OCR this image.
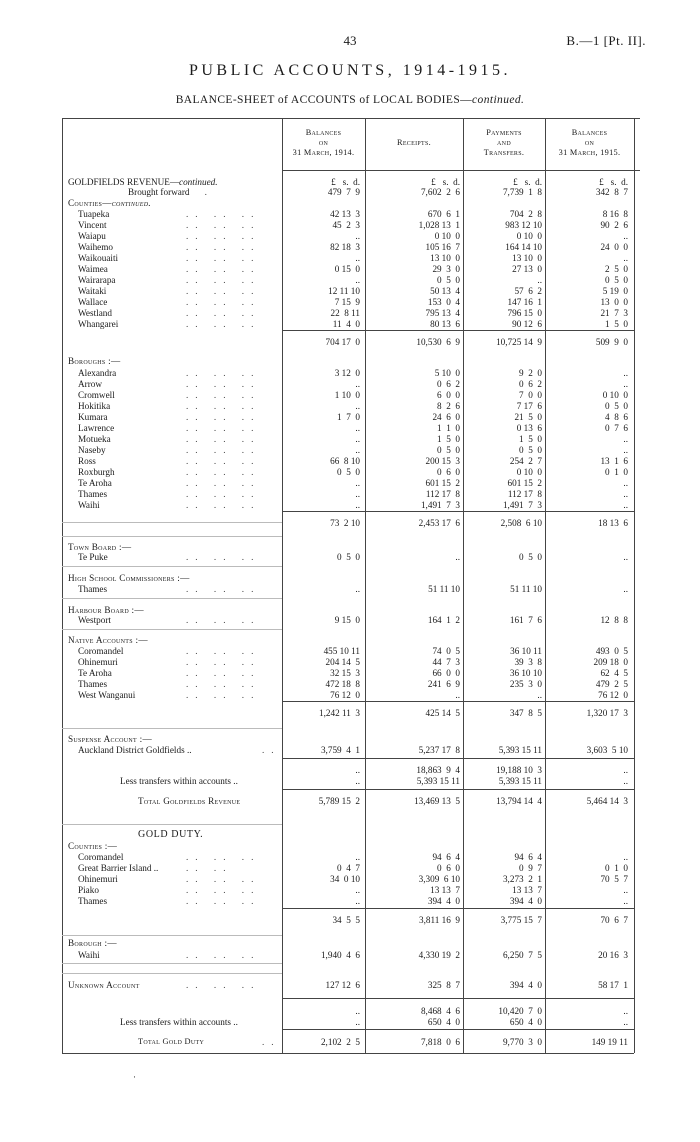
43	B.—1 [Pt. II].
PUBLIC ACCOUNTS, 1914-1915.
BALANCE-SHEET of ACCOUNTS of LOCAL BODIES—continued.
Balances
on
31 March, 1914.
Receipts.
Payments
and
Transfers.
Balances
on
31 March, 1915.
GOLDFIELDS REVENUE—continued.	£   s.  d.	£   s.  d.	£   s.  d.	£   s.  d.
Brought forward
. .	479  7  9	7,602  2  6	7,739  1  8	342  8  7
Counties—continued.
Tuapeka	.. .. ..	42 13  3	670  6  1	704  2  8	8 16  8
Vincent	.. .. ..	45  2  3	1,028 13  1	983 12 10	90  2  6
Waiapu	.. .. ..	..	0 10  0	0 10  0	..
Waihemo	.. .. ..	82 18  3	105 16  7	164 14 10	24  0  0
Waikouaiti	.. .. ..	..	13 10  0	13 10  0	..
Waimea	.. .. ..	0 15  0	29  3  0	27 13  0	2  5  0
Wairarapa	.. .. ..	..	0  5  0	..	0  5  0
Waitaki	.. .. ..	12 11 10	50 13  4	57  6  2	5 19  0
Wallace	.. .. ..	7 15  9	153  0  4	147 16  1	13  0  0
Westland	.. .. ..	22  8 11	795 13  4	796 15  0	21  7  3
Whangarei	.. .. ..	11  4  0	80 13  6	90 12  6	1  5  0
704 17  0	10,530  6  9	10,725 14  9	509  9  0
Boroughs :—
Alexandra	.. .. ..	3 12  0	5 10  0	9  2  0	..
Arrow	.. .. ..	..	0  6  2	0  6  2	..
Cromwell	.. .. ..	1 10  0	6  0  0	7  0  0	0 10  0
Hokitika	.. .. ..	..	8  2  6	7 17  6	0  5  0
Kumara	.. .. ..	1  7  0	24  6  0	21  5  0	4  8  6
Lawrence	.. .. ..	..	1  1  0	0 13  6	0  7  6
Motueka	.. .. ..	..	1  5  0	1  5  0	..
Naseby	.. .. ..	..	0  5  0	0  5  0	..
Ross	.. .. ..	66  8 10	200 15  3	254  2  7	13  1  6
Roxburgh	.. .. ..	0  5  0	0  6  0	0 10  0	0  1  0
Te Aroha	.. .. ..	..	601 15  2	601 15  2	..
Thames	.. .. ..	..	112 17  8	112 17  8	..
Waihi	.. .. ..	..	1,491  7  3	1,491  7  3	..
73  2 10	2,453 17  6	2,508  6 10	18 13  6
Town Board :—
Te Puke	.. .. ..	0  5  0	..	0  5  0	..
High School Commissioners :—
Thames	.. .. ..	..	51 11 10	51 11 10	..
Harbour Board :—
Westport	.. .. ..	9 15  0	164  1  2	161  7  6	12  8  8
Native Accounts :—
Coromandel	.. .. ..	455 10 11	74  0  5	36 10 11	493  0  5
Ohinemuri	.. .. ..	204 14  5	44  7  3	39  3  8	209 18  0
Te Aroha	.. .. ..	32 15  3	66  0  0	36 10 10	62  4  5
Thames	.. .. ..	472 18  8	241  6  9	235  3  0	479  2  5
West Wanganui	.. .. ..	76 12  0	..	..	76 12  0
1,242 11  3	425 14  5	347  8  5	1,320 17  3
Suspense Account :—
Auckland District Goldfields ..	..	3,759  4  1	5,237 17  8	5,393 15 11	3,603  5 10
..	18,863  9  4	19,188 10  3	..
Less transfers within accounts ..	..	5,393 15 11	5,393 15 11	..
Total Goldfields Revenue	5,789 15  2	13,469 13  5	13,794 14  4	5,464 14  3
GOLD DUTY.
Counties :—
Coromandel	.. .. ..	..	94  6  4	94  6  4	..
Great Barrier Island ..	.. ..	0  4  7	0  6  0	0  9  7	0  1  0
Ohinemuri	.. .. ..	34  0 10	3,309  6 10	3,273  2  1	70  5  7
Piako	.. .. ..	..	13 13  7	13 13  7	..
Thames	.. .. ..	..	394  4  0	394  4  0	..
34  5  5	3,811 16  9	3,775 15  7	70  6  7
Borough :—
Waihi	.. .. ..	1,940  4  6	4,330 19  2	6,250  7  5	20 16  3
Unknown Account	.. .. ..	127 12  6	325  8  7	394  4  0	58 17  1
..	8,468  4  6	10,420  7  0	..
Less transfers within accounts ..	..	650  4  0	650  4  0	..
Total Gold Duty	..	2,102  2  5	7,818  0  6	9,770  3  0	149 19 11
·
